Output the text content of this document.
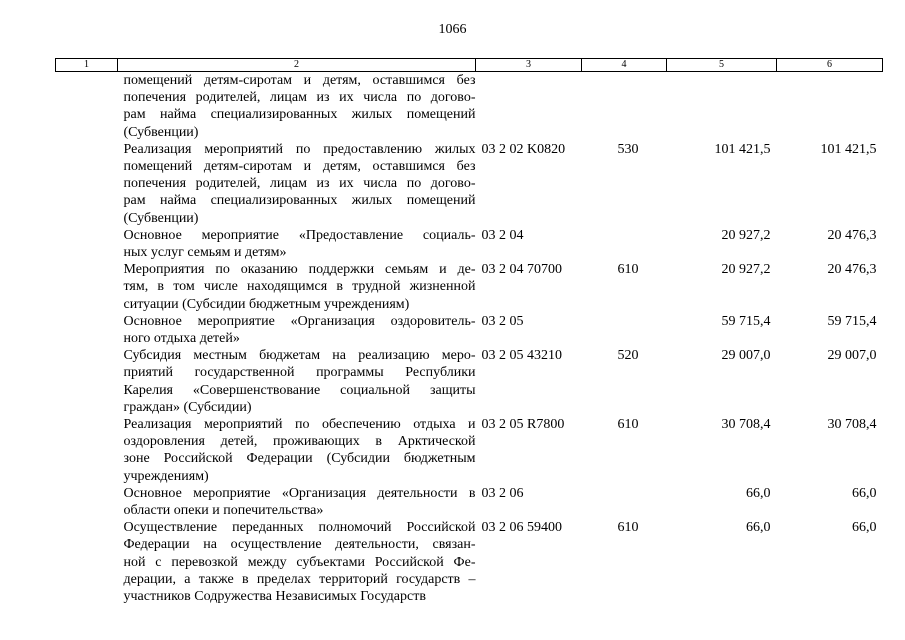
1066
1	2	3	4	5	6

	помещений детям-сиротам и детям, оставшимся без
попечения родителей, лицам из их числа по догово-
рам найма специализированных жилых помещений
(Субвенции)				

	Реализация мероприятий по предоставлению жилых
помещений детям-сиротам и детям, оставшимся без
попечения родителей, лицам из их числа по догово-
рам найма специализированных жилых помещений
(Субвенции)	03 2 02 K0820	530	101 421,5	101 421,5

	Основное мероприятие «Предоставление социаль-
ных услуг семьям и детям»	03 2 04		20 927,2	20 476,3

	Мероприятия по оказанию поддержки семьям и де-
тям, в том числе находящимся в трудной жизненной
ситуации (Субсидии бюджетным учреждениям)	03 2 04 70700	610	20 927,2	20 476,3

	Основное мероприятие «Организация оздоровитель-
ного отдыха детей»	03 2 05		59 715,4	59 715,4

	Субсидия местным бюджетам на реализацию меро-
приятий государственной программы Республики
Карелия «Совершенствование социальной защиты
граждан» (Субсидии)	03 2 05 43210	520	29 007,0	29 007,0

	Реализация мероприятий по обеспечению отдыха и
оздоровления детей, проживающих в Арктической
зоне Российской Федерации (Субсидии бюджетным
учреждениям)	03 2 05 R7800	610	30 708,4	30 708,4

	Основное мероприятие «Организация деятельности в
области опеки и попечительства»	03 2 06		66,0	66,0

	Осуществление переданных полномочий Российской
Федерации на осуществление деятельности, связан-
ной с перевозкой между субъектами Российской Фе-
дерации, а также в пределах территорий государств –
участников Содружества Независимых Государств	03 2 06 59400	610	66,0	66,0
